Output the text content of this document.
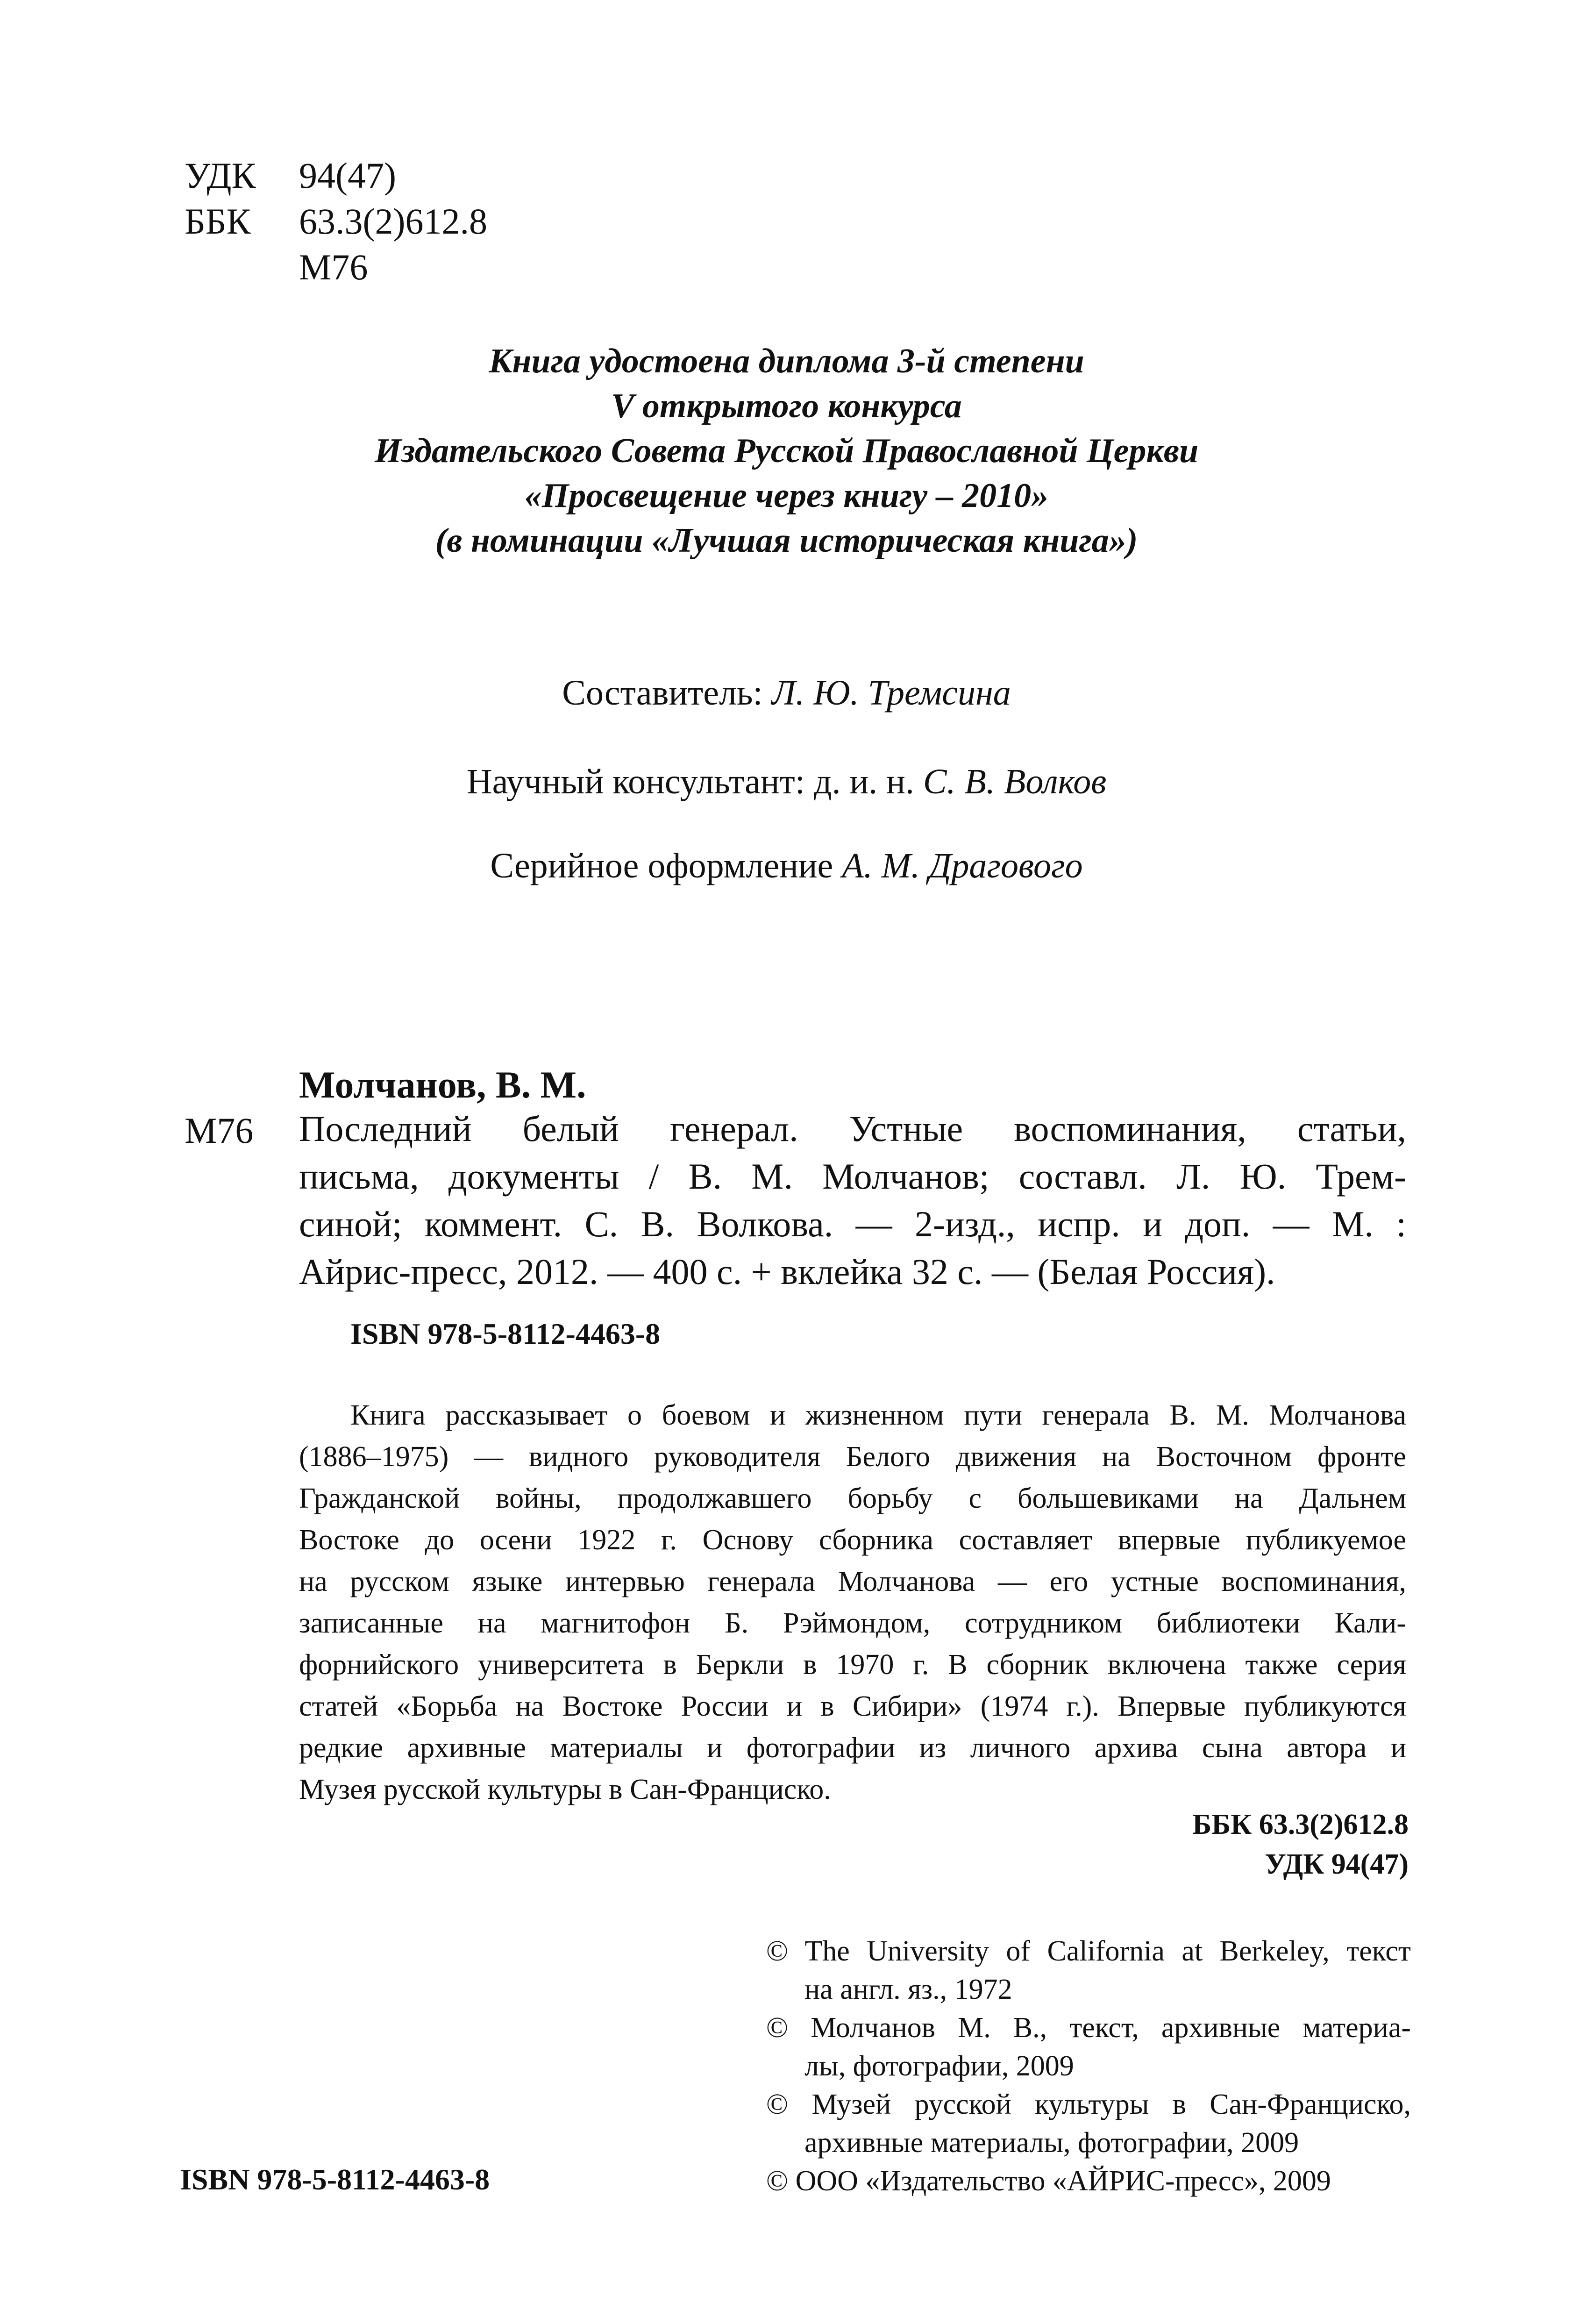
УДК	94(47)
ББК	63.3(2)612.8
М76
Книга удостоена диплома 3-й степени
V открытого конкурса
Издательского Совета Русской Православной Церкви
«Просвещение через книгу – 2010»
(в номинации «Лучшая историческая книга»)
Составитель: Л. Ю. Тремсина
Научный консультант: д. и. н. С. В. Волков
Серийное оформление А. М. Драгового
Молчанов, В. М.
М76 Последний белый генерал. Устные воспоминания, статьи,
письма, документы / В. М. Молчанов; составл. Л. Ю. Трем-
синой; коммент. С. В. Волкова. — 2-изд., испр. и доп. — М. :
Айрис-пресс, 2012. — 400 с. + вклейка 32 с. — (Белая Россия).
ISBN 978-5-8112-4463-8
Книга рассказывает о боевом и жизненном пути генерала В. М. Молчанова
(1886–1975) — видного руководителя Белого движения на Восточном фронте
Гражданской войны, продолжавшего борьбу с большевиками на Дальнем
Востоке до осени 1922 г. Основу сборника составляет впервые публикуемое
на русском языке интервью генерала Молчанова — его устные воспоминания,
записанные на магнитофон Б. Рэймондом, сотрудником библиотеки Кали-
форнийского университета в Беркли в 1970 г. В сборник включена также серия
статей «Борьба на Востоке России и в Сибири» (1974 г.). Впервые публикуются
редкие архивные материалы и фотографии из личного архива сына автора и
Музея русской культуры в Сан-Франциско.
ББК 63.3(2)612.8
УДК 94(47)
© The University of California at Berkeley, текст
на англ. яз., 1972
© Молчанов М. В., текст, архивные материа-
лы, фотографии, 2009
© Музей русской культуры в Сан-Франциско,
архивные материалы, фотографии, 2009
© ООО «Издательство «АЙРИС-пресс», 2009
ISBN 978-5-8112-4463-8
